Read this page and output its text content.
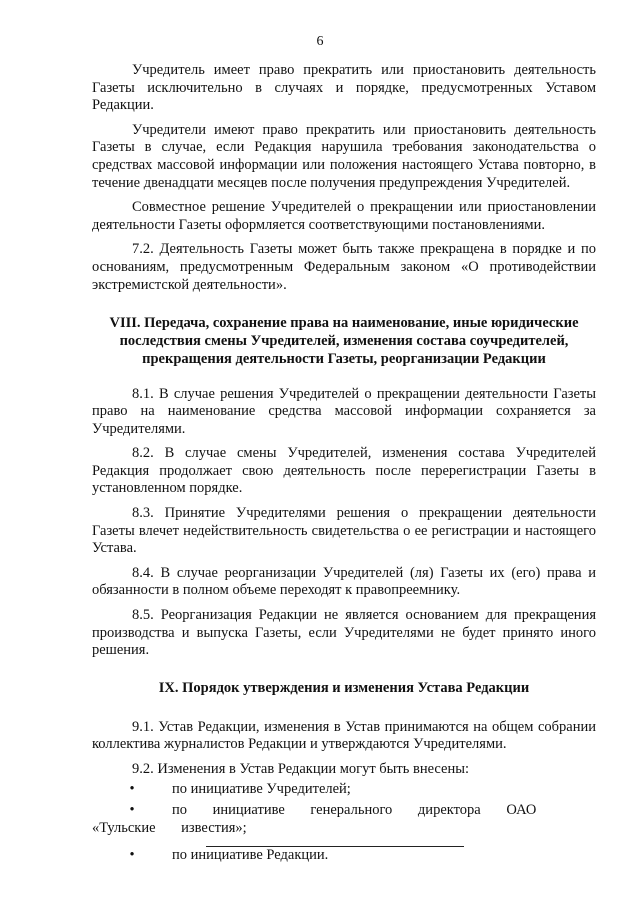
6

Учредитель имеет право прекратить или приостановить деятельность Газеты исключительно в случаях и порядке, предусмотренных Уставом Редакции.

Учредители имеют право прекратить или приостановить деятельность Газеты в случае, если Редакция нарушила требования законодательства о средствах массовой информации или положения настоящего Устава повторно, в течение двенадцати месяцев после получения предупреждения Учредителей.

Совместное решение Учредителей о прекращении или приостановлении деятельности Газеты оформляется соответствующими постановлениями.

7.2. Деятельность Газеты может быть также прекращена в порядке и по основаниям, предусмотренным Федеральным законом «О противодействии экстремистской деятельности».

VIII. Передача, сохранение права на наименование, иные юридические последствия смены Учредителей, изменения состава соучредителей, прекращения деятельности Газеты, реорганизации Редакции

8.1. В случае решения Учредителей о прекращении деятельности Газеты право на наименование средства массовой информации сохраняется за Учредителями.

8.2. В случае смены Учредителей, изменения состава Учредителей Редакция продолжает свою деятельность после перерегистрации Газеты в установленном порядке.

8.3. Принятие Учредителями решения о прекращении деятельности Газеты влечет недействительность свидетельства о ее регистрации и настоящего Устава.

8.4. В случае реорганизации Учредителей (ля) Газеты их (его) права и обязанности в полном объеме переходят к правопреемнику.

8.5. Реорганизация Редакции не является основанием для прекращения производства и выпуска Газеты, если Учредителями не будет принято иного решения.

IX. Порядок утверждения и изменения Устава Редакции

9.1. Устав Редакции, изменения в Устав принимаются на общем собрании коллектива журналистов Редакции и утверждаются Учредителями.

9.2. Изменения в Устав Редакции могут быть внесены:

•	по инициативе Учредителей;
•	по инициативе генерального директора ОАО «Тульские известия»;
•	по инициативе Редакции.
